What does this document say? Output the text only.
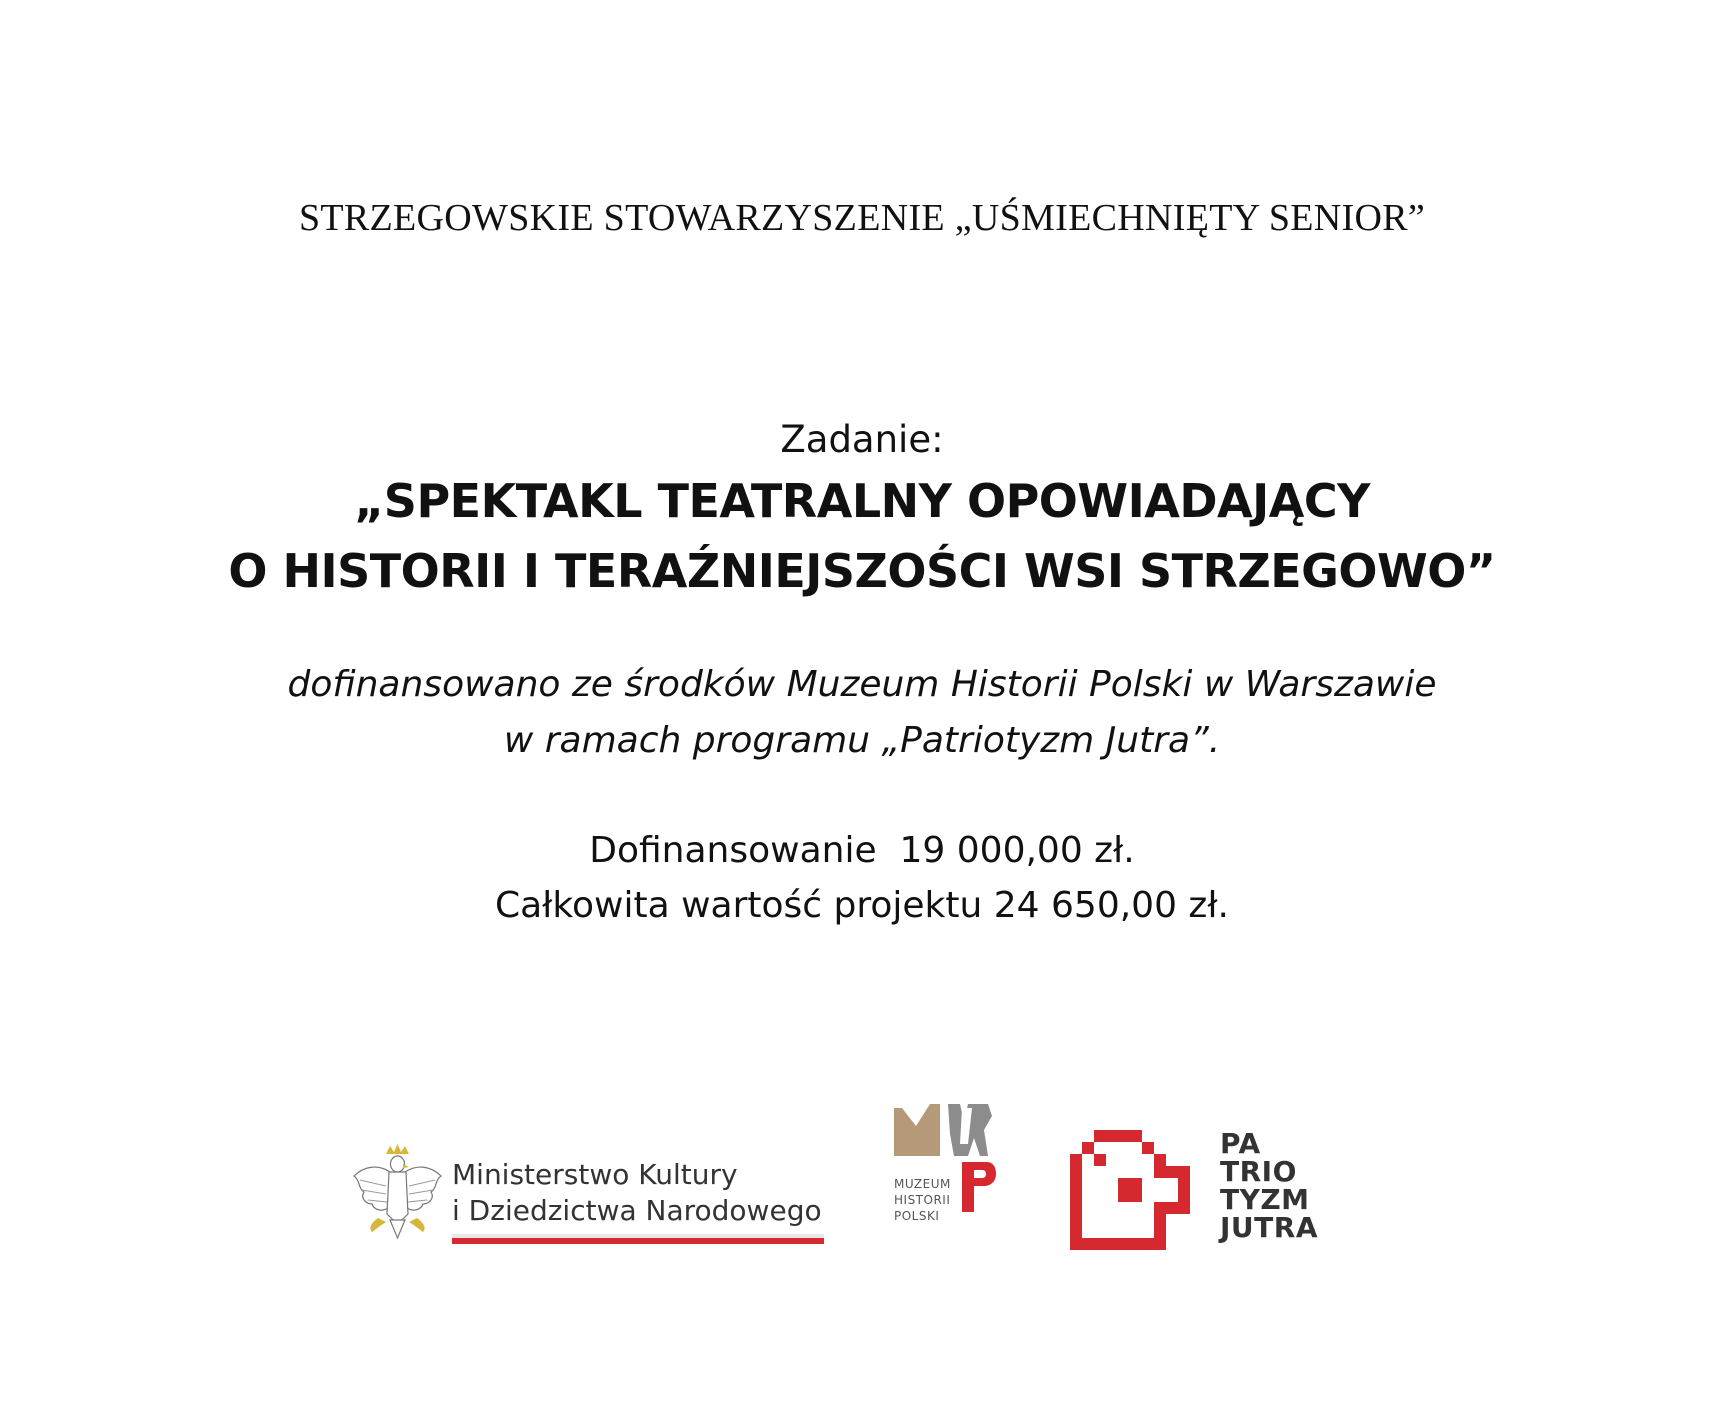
STRZEGOWSKIE STOWARZYSZENIE „UŚMIECHNIĘTY SENIOR”
Zadanie:
„SPEKTAKL TEATRALNY OPOWIADAJĄCY
O HISTORII I TERAŹNIEJSZOŚCI WSI STRZEGOWO”
dofinansowano ze środków Muzeum Historii Polski w Warszawie
w ramach programu „Patriotyzm Jutra”.
Dofinansowanie  19 000,00 zł.
Całkowita wartość projektu 24 650,00 zł.
Ministerstwo Kultury
i Dziedzictwa Narodowego
MUZEUM
HISTORII
POLSKI
PA
TRIO
TYZM
JUTRA
